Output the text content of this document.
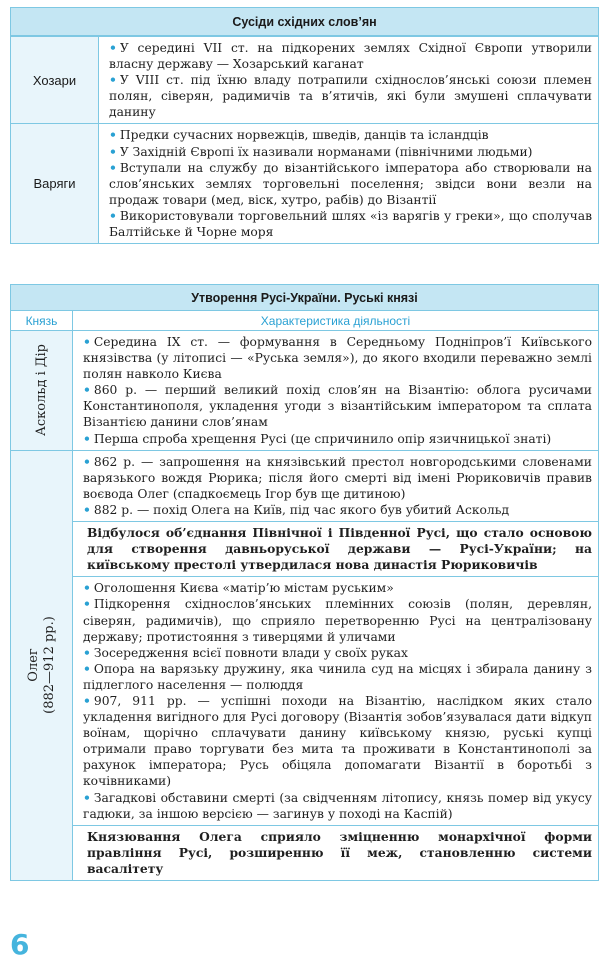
Сусіди східних слов’ян
Хозари

• У середині VII ст. на підкорених землях Східної Європи утворили власну державу — Хозарський каганат

• У VIII ст. під їхню владу потрапили східнослов’янські союзи племен полян, сіверян, радимичів та в’ятичів, які були змушені сплачувати данину

Варяги

• Предки сучасних норвежців, шведів, данців та ісландців

• У Західній Європі їх називали норманами (північними людьми)

• Вступали на службу до візантійського імператора або створювали на слов’янських землях торговельні поселення; звідси вони везли на продаж товари (мед, віск, хутро, рабів) до Візантії

• Використовували торговельний шлях «із варягів у греки», що сполучав Балтійське й Чорне моря

Утворення Русі-України. Руські князі
Князь	Характеристика діяльності
Аскольд і Дір

• Середина IX ст. — формування в Середньому Подніпров’ї Київського князівства (у літописі — «Руська земля»), до якого входили переважно землі полян навколо Києва

• 860 р. — перший великий похід слов’ян на Візантію: облога русичами Константинополя, укладення угоди з візантійським імператором та сплата Візантією данини слов’янам

• Перша спроба хрещення Русі (це спричинило опір язичницької знаті)

Олег (882—912 рр.)

• 862 р. — запрошення на князівський престол новгородськими словенами варязького вождя Рюрика; після його смерті від імені Рюриковичів правив воєвода Олег (спадкоємець Ігор був ще дитиною)

• 882 р. — похід Олега на Київ, під час якого був убитий Аскольд

Відбулося об’єднання Північної і Південної Русі, що стало основою для створення давньоруської держави — Русі-України; на київському престолі утвердилася нова династія Рюриковичів

• Оголошення Києва «матір’ю містам руським»

• Підкорення східнослов’янських племінних союзів (полян, деревлян, сіверян, радимичів), що сприяло перетворенню Русі на централізовану державу; протистояння з тиверцями й уличами

• Зосередження всієї повноти влади у своїх руках

• Опора на варязьку дружину, яка чинила суд на місцях і збирала данину з підлеглого населення — полюддя

• 907, 911 рр. — успішні походи на Візантію, наслідком яких стало укладення вигідного для Русі договору (Візантія зобов’язувалася дати відкуп воїнам, щорічно сплачувати данину київському князю, руські купці отримали право торгувати без мита та проживати в Константинополі за рахунок імператора; Русь обіцяла допомагати Візантії в боротьбі з кочівниками)

• Загадкові обставини смерті (за свідченням літопису, князь помер від укусу гадюки, за іншою версією — загинув у поході на Каспій)

Князювання Олега сприяло зміцненню монархічної форми правління Русі, розширенню її меж, становленню системи васалітету
6
